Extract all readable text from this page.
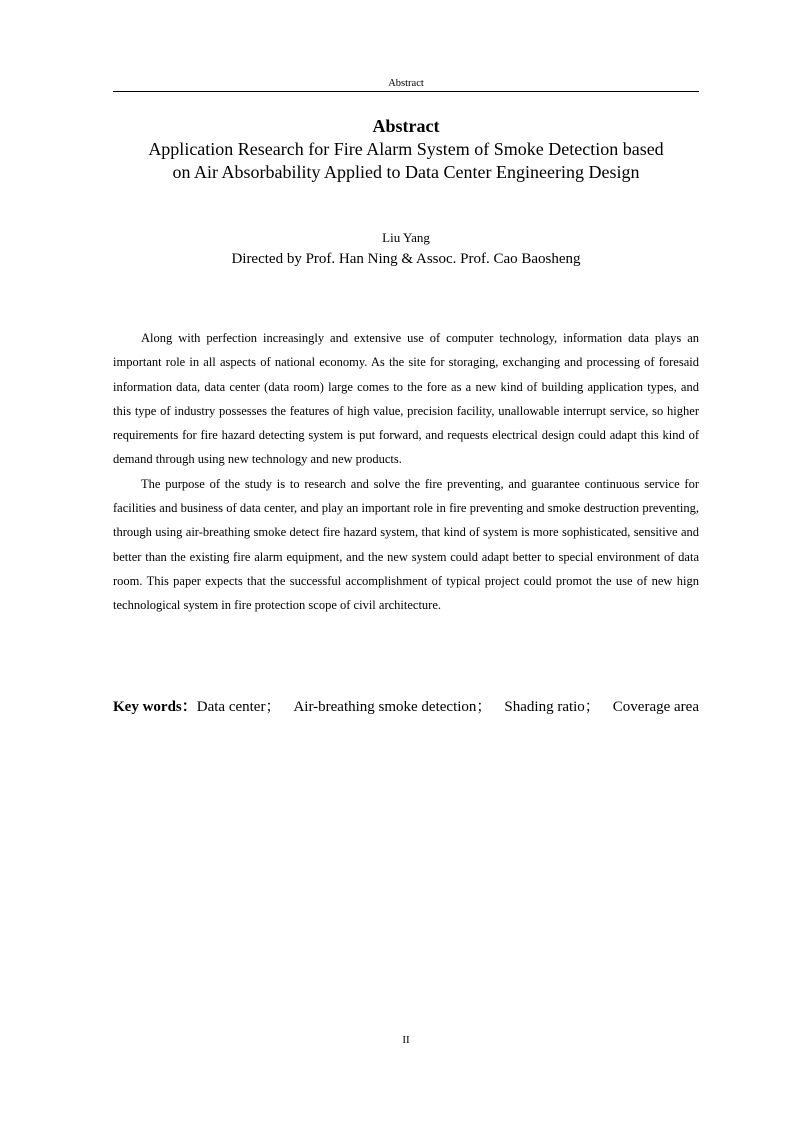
Abstract
Abstract
Application Research for Fire Alarm System of Smoke Detection based
on Air Absorbability Applied to Data Center Engineering Design
Liu Yang
Directed by Prof. Han Ning & Assoc. Prof. Cao Baosheng

Along with perfection increasingly and extensive use of computer technology, information data plays an important role in all aspects of national economy. As the site for storaging, exchanging and processing of foresaid information data, data center (data room) large comes to the fore as a new kind of building application types, and this type of industry possesses the features of high value, precision facility, unallowable interrupt service, so higher requirements for fire hazard detecting system is put forward, and requests electrical design could adapt this kind of demand through using new technology and new products.

The purpose of the study is to research and solve the fire preventing, and guarantee continuous service for facilities and business of data center, and play an important role in fire preventing and smoke destruction preventing, through using air-breathing smoke detect fire hazard system, that kind of system is more sophisticated, sensitive and better than the existing fire alarm equipment, and the new system could adapt better to special environment of data room. This paper expects that the successful accomplishment of typical project could promot the use of new hign technological system in fire protection scope of civil architecture.

Key words：Data center； Air-breathing smoke detection； Shading ratio； Coverage area
II
